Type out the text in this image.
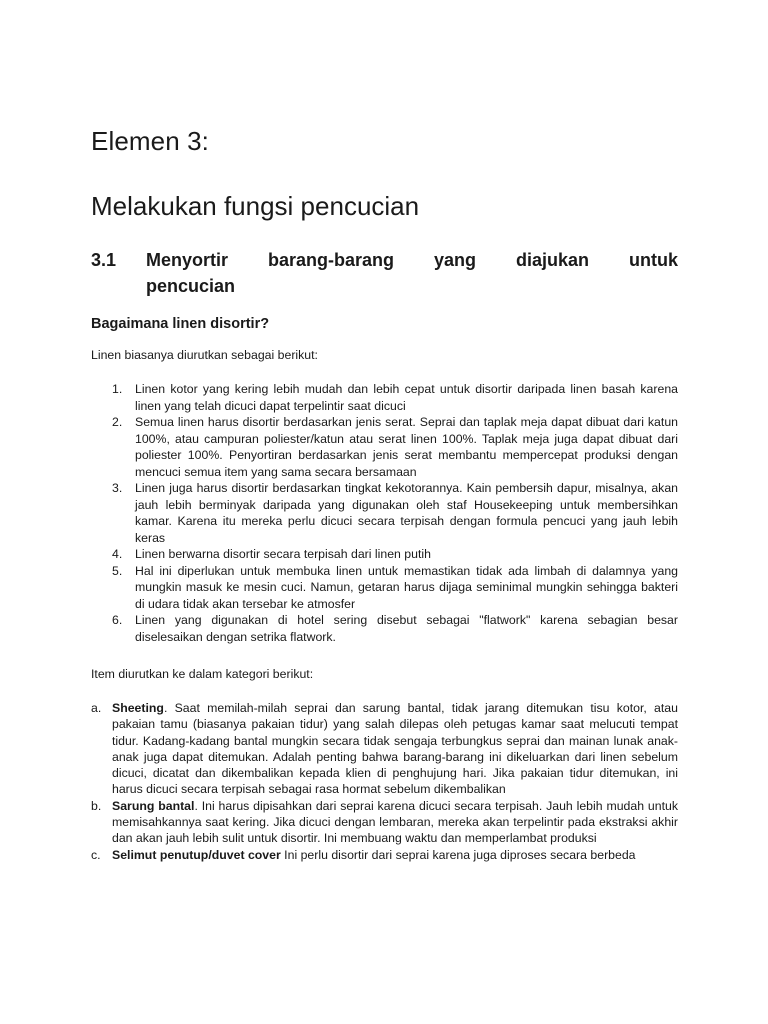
Elemen 3:
Melakukan fungsi pencucian
3.1 Menyortir barang-barang yang diajukan untuk
pencucian
Bagaimana linen disortir?

Linen biasanya diurutkan sebagai berikut:

1. Linen kotor yang kering lebih mudah dan lebih cepat untuk disortir daripada linen basah karena linen yang telah dicuci dapat terpelintir saat dicuci
2. Semua linen harus disortir berdasarkan jenis serat. Seprai dan taplak meja dapat dibuat dari katun 100%, atau campuran poliester/katun atau serat linen 100%. Taplak meja juga dapat dibuat dari poliester 100%. Penyortiran berdasarkan jenis serat membantu mempercepat produksi dengan mencuci semua item yang sama secara bersamaan
3. Linen juga harus disortir berdasarkan tingkat kekotorannya. Kain pembersih dapur, misalnya, akan jauh lebih berminyak daripada yang digunakan oleh staf Housekeeping untuk membersihkan kamar. Karena itu mereka perlu dicuci secara terpisah dengan formula pencuci yang jauh lebih keras
4. Linen berwarna disortir secara terpisah dari linen putih
5. Hal ini diperlukan untuk membuka linen untuk memastikan tidak ada limbah di dalamnya yang mungkin masuk ke mesin cuci. Namun, getaran harus dijaga seminimal mungkin sehingga bakteri di udara tidak akan tersebar ke atmosfer
6. Linen yang digunakan di hotel sering disebut sebagai "flatwork" karena sebagian besar diselesaikan dengan setrika flatwork.

Item diurutkan ke dalam kategori berikut:

a. Sheeting. Saat memilah-milah seprai dan sarung bantal, tidak jarang ditemukan tisu kotor, atau pakaian tamu (biasanya pakaian tidur) yang salah dilepas oleh petugas kamar saat melucuti tempat tidur. Kadang-kadang bantal mungkin secara tidak sengaja terbungkus seprai dan mainan lunak anak-anak juga dapat ditemukan. Adalah penting bahwa barang-barang ini dikeluarkan dari linen sebelum dicuci, dicatat dan dikembalikan kepada klien di penghujung hari. Jika pakaian tidur ditemukan, ini harus dicuci secara terpisah sebagai rasa hormat sebelum dikembalikan
b. Sarung bantal. Ini harus dipisahkan dari seprai karena dicuci secara terpisah. Jauh lebih mudah untuk memisahkannya saat kering. Jika dicuci dengan lembaran, mereka akan terpelintir pada ekstraksi akhir dan akan jauh lebih sulit untuk disortir. Ini membuang waktu dan memperlambat produksi
c. Selimut penutup/duvet cover Ini perlu disortir dari seprai karena juga diproses secara berbeda
